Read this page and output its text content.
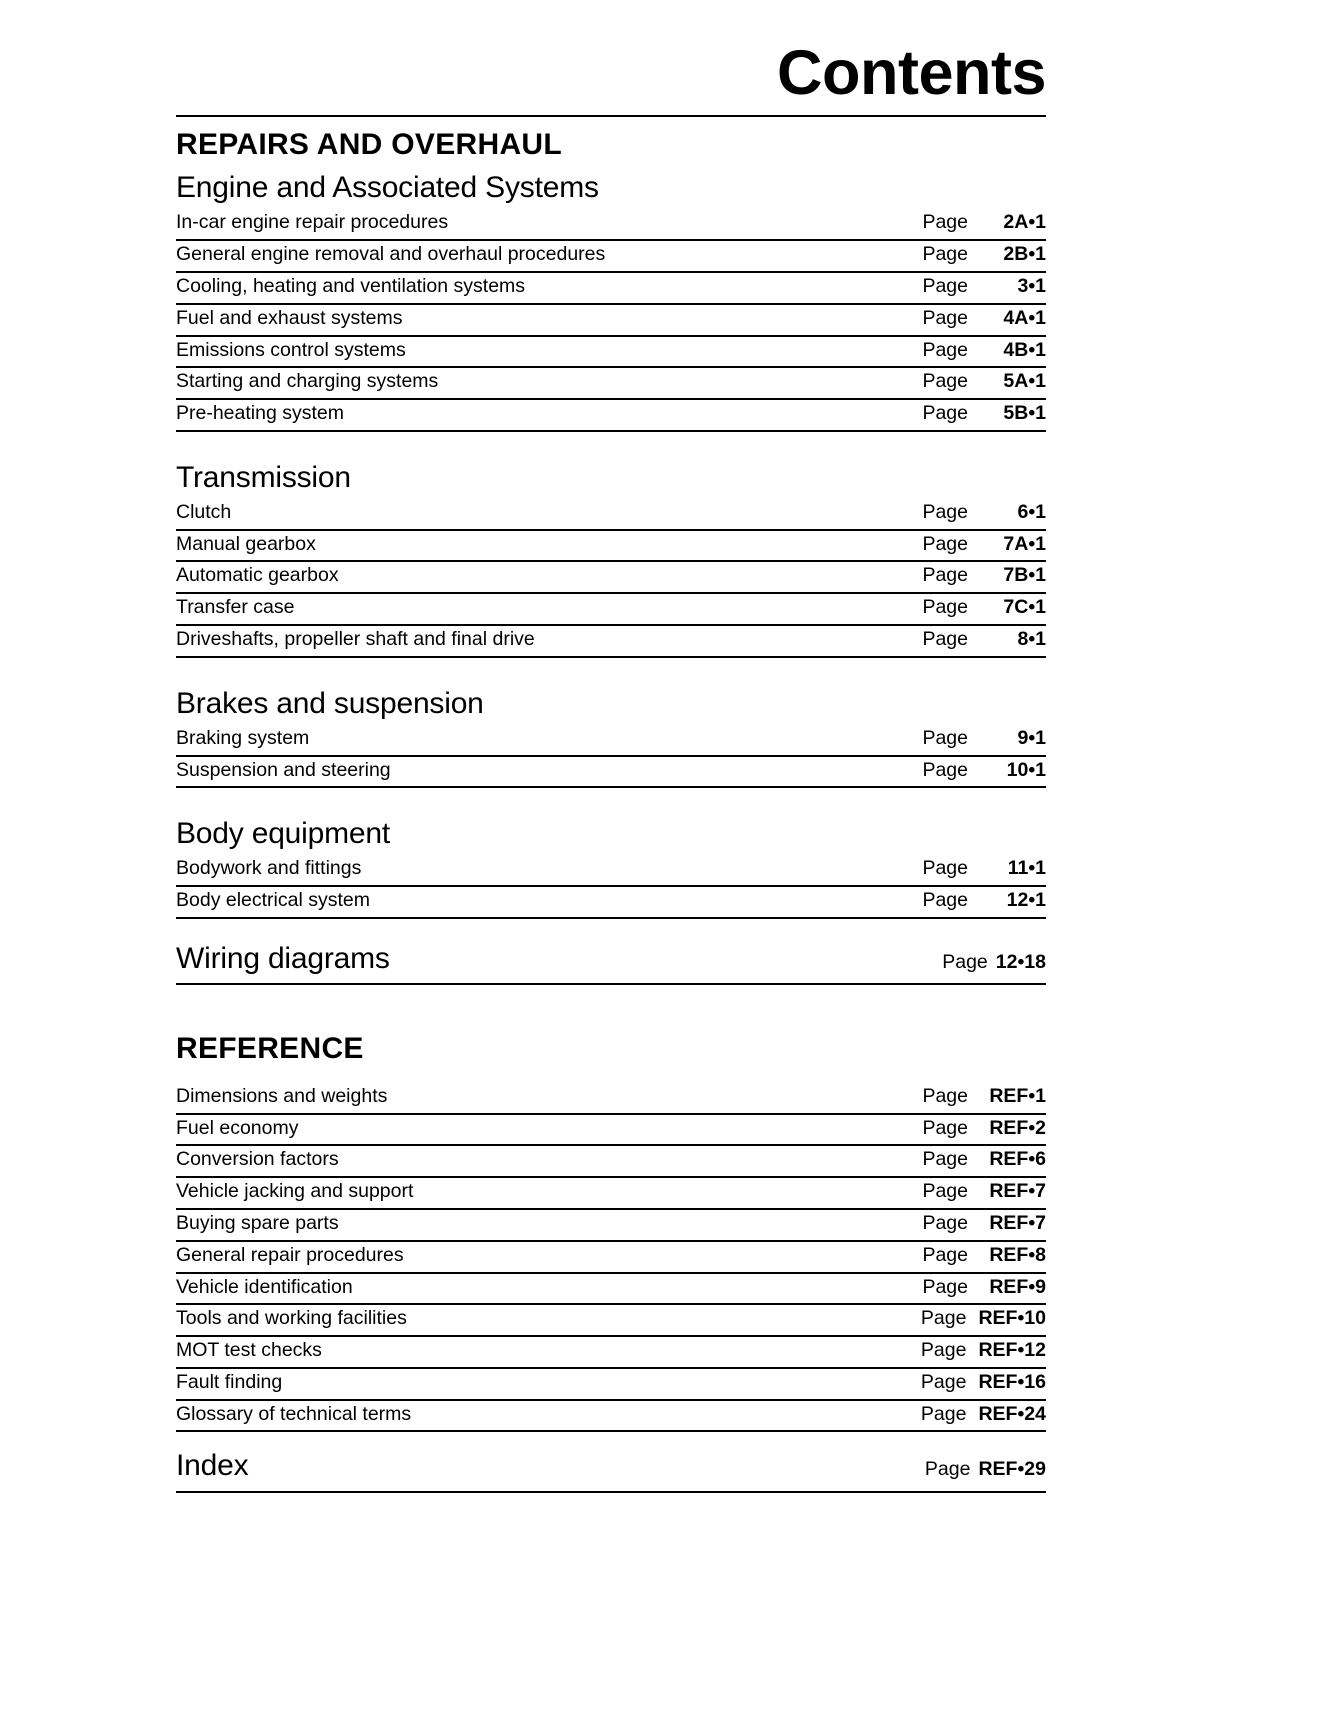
Contents
REPAIRS AND OVERHAUL
Engine and Associated Systems
In-car engine repair procedures	Page	2A•1
General engine removal and overhaul procedures	Page	2B•1
Cooling, heating and ventilation systems	Page	3•1
Fuel and exhaust systems	Page	4A•1
Emissions control systems	Page	4B•1
Starting and charging systems	Page	5A•1
Pre-heating system	Page	5B•1
Transmission
Clutch	Page	6•1
Manual gearbox	Page	7A•1
Automatic gearbox	Page	7B•1
Transfer case	Page	7C•1
Driveshafts, propeller shaft and final drive	Page	8•1
Brakes and suspension
Braking system	Page	9•1
Suspension and steering	Page	10•1
Body equipment
Bodywork and fittings	Page	11•1
Body electrical system	Page	12•1
Wiring diagrams	Page 12•18
REFERENCE
Dimensions and weights	Page	REF•1
Fuel economy	Page	REF•2
Conversion factors	Page	REF•6
Vehicle jacking and support	Page	REF•7
Buying spare parts	Page	REF•7
General repair procedures	Page	REF•8
Vehicle identification	Page	REF•9
Tools and working facilities	Page REF•10
MOT test checks	Page REF•12
Fault finding	Page REF•16
Glossary of technical terms	Page REF•24
Index	Page REF•29
